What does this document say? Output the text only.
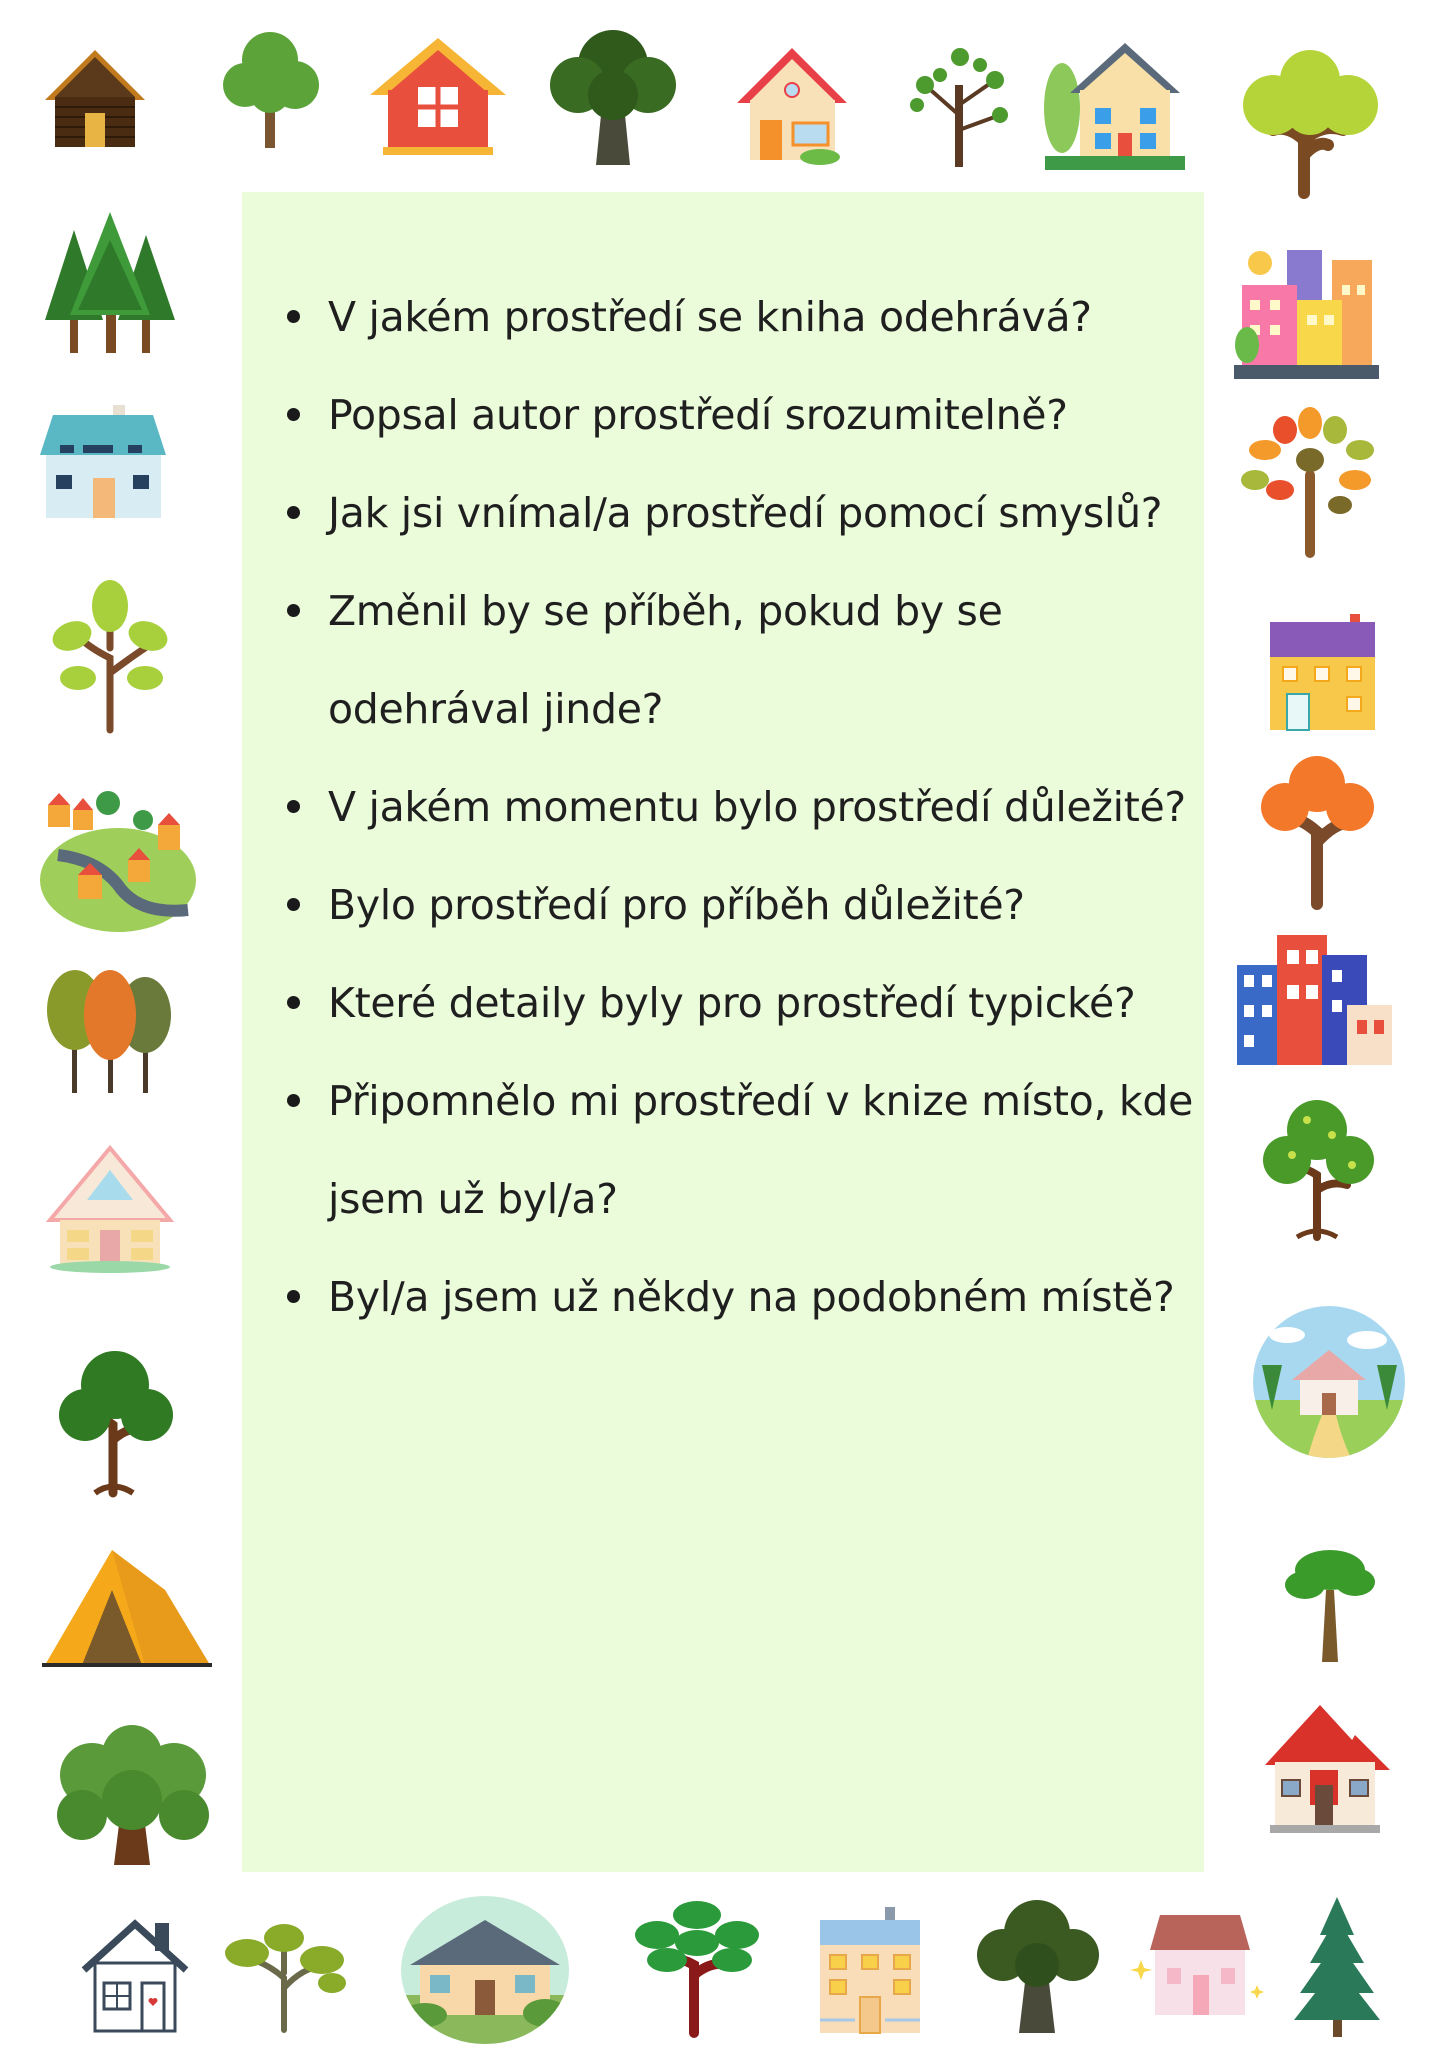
V jakém prostředí se kniha odehrává?
Popsal autor prostředí srozumitelně?
Jak jsi vnímal/a prostředí pomocí smyslů?
Změnil by se příběh, pokud by se odehrával jinde?
V jakém momentu bylo prostředí důležité?
Bylo prostředí pro příběh důležité?
Které detaily byly pro prostředí typické?
Připomnělo mi prostředí v knize místo, kde jsem už byl/a?
Byl/a jsem už někdy na podobném místě?
